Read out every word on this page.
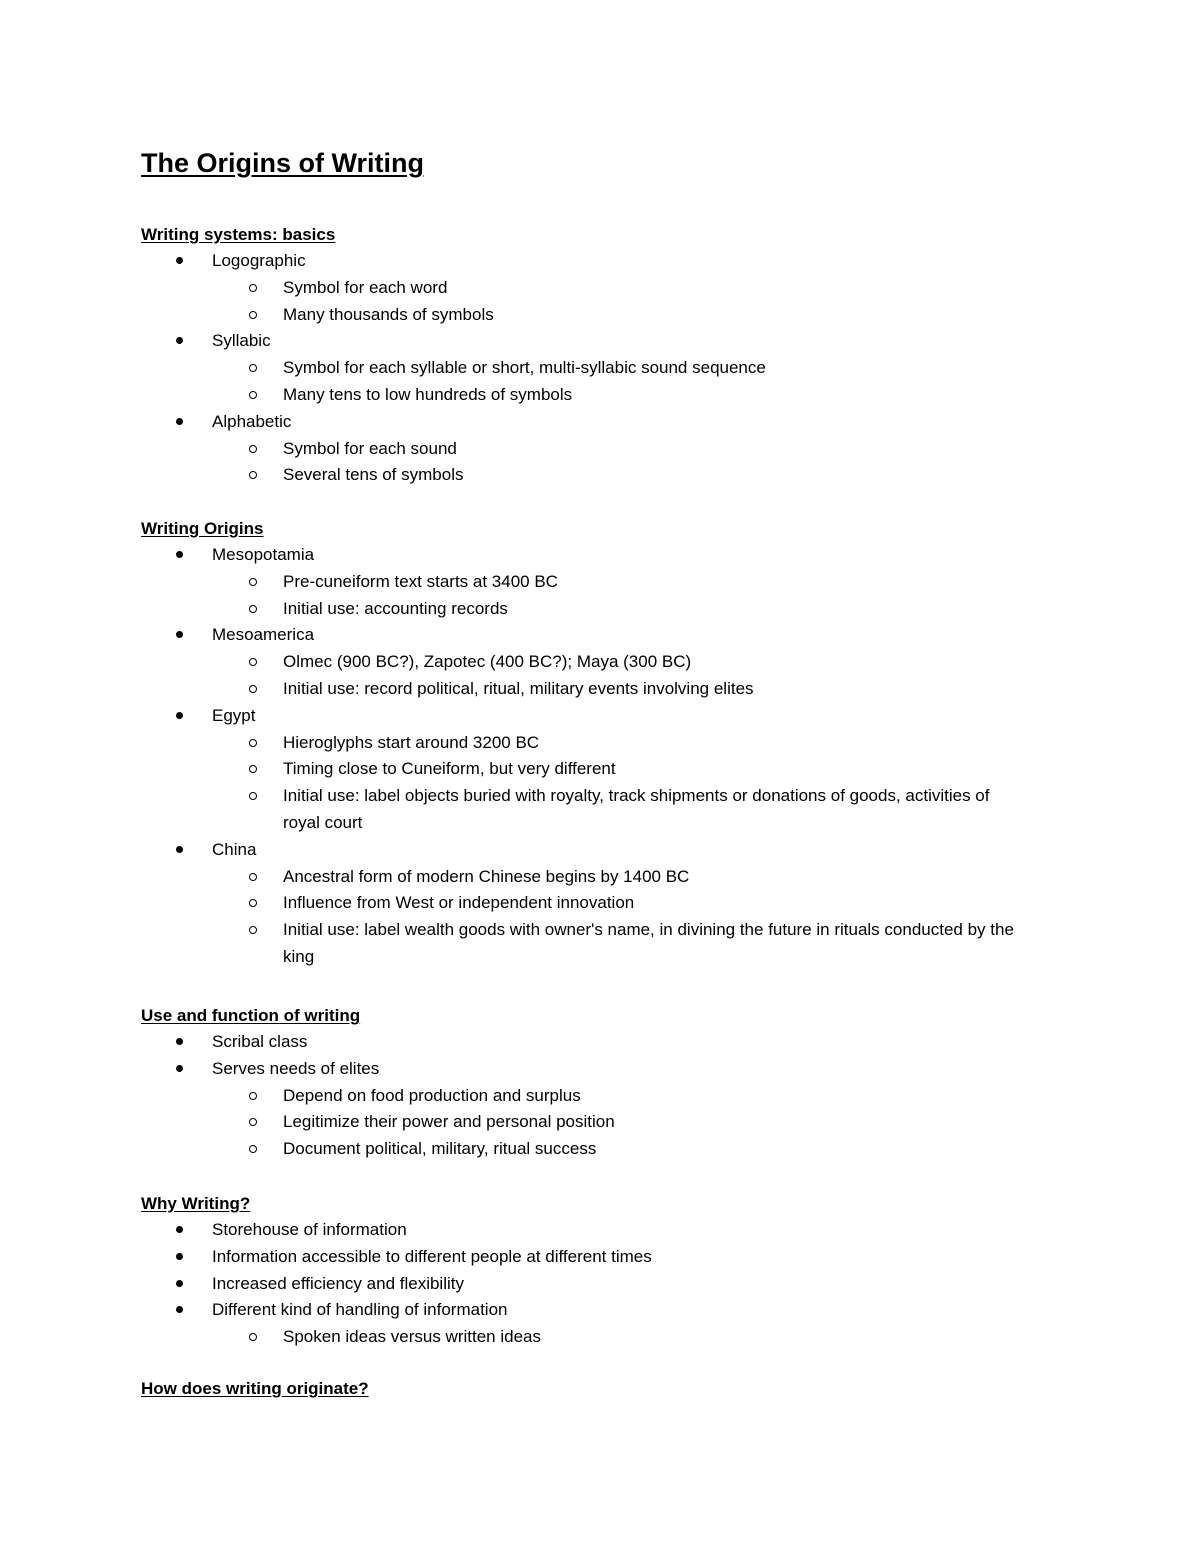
The Origins of Writing
Writing systems: basics
Logographic
Symbol for each word
Many thousands of symbols
Syllabic
Symbol for each syllable or short, multi-syllabic sound sequence
Many tens to low hundreds of symbols
Alphabetic
Symbol for each sound
Several tens of symbols
Writing Origins
Mesopotamia
Pre-cuneiform text starts at 3400 BC
Initial use: accounting records
Mesoamerica
Olmec (900 BC?), Zapotec (400 BC?); Maya (300 BC)
Initial use: record political, ritual, military events involving elites
Egypt
Hieroglyphs start around 3200 BC
Timing close to Cuneiform, but very different
Initial use: label objects buried with royalty, track shipments or donations of goods, activities of royal court
China
Ancestral form of modern Chinese begins by 1400 BC
Influence from West or independent innovation
Initial use: label wealth goods with owner's name, in divining the future in rituals conducted by the king
Use and function of writing
Scribal class
Serves needs of elites
Depend on food production and surplus
Legitimize their power and personal position
Document political, military, ritual success
Why Writing?
Storehouse of information
Information accessible to different people at different times
Increased efficiency and flexibility
Different kind of handling of information
Spoken ideas versus written ideas
How does writing originate?
